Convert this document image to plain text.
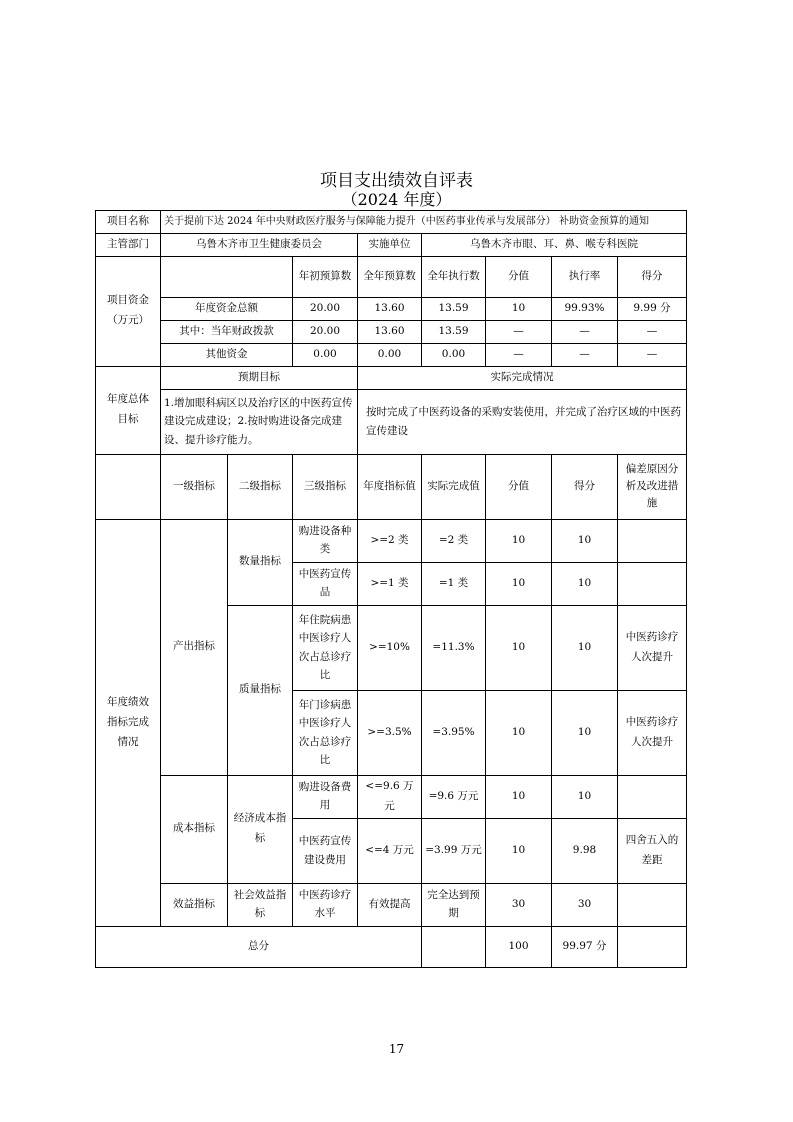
项目支出绩效自评表
（2024 年度）
项目名称	关于提前下达 2024 年中央财政医疗服务与保障能力提升（中医药事业传承与发展部分） 补助资金预算的通知							
主管部门	乌鲁木齐市卫生健康委员会			实施单位	乌鲁木齐市眼、耳、鼻、喉专科医院			
项目资金
（万元）			年初预算数	全年预算数	全年执行数	分值	执行率	得分
	年度资金总额		20.00	13.60	13.59	10	99.93%	9.99 分
	其中：当年财政拨款		20.00	13.60	13.59	—	—	—
	其他资金		0.00	0.00	0.00	—	—	—
年度总体
目标	预期目标			实际完成情况				
	1.增加眼科病区以及治疗区的中医药宣传建设完成建设；2.按时购进设备完成建设、提升诊疗能力。			按时完成了中医药设备的采购安装使用，并完成了治疗区域的中医药宣传建设				
	一级指标	二级指标	三级指标	年度指标值	实际完成值	分值	得分	偏差原因分析及改进措施
年度绩效
指标完成
情况	产出指标	数量指标	购进设备种类	>=2 类	=2 类	10	10	
			中医药宣传品	>=1 类	=1 类	10	10	
		质量指标	年住院病患中医诊疗人次占总诊疗比	>=10%	=11.3%	10	10	中医药诊疗人次提升
			年门诊病患中医诊疗人次占总诊疗比	>=3.5%	=3.95%	10	10	中医药诊疗人次提升
	成本指标	经济成本指标	购进设备费用	<=9.6 万元	=9.6 万元	10	10	
			中医药宣传建设费用	<=4 万元	=3.99 万元	10	9.98	四舍五入的差距
	效益指标	社会效益指标	中医药诊疗水平	有效提高	完全达到预期	30	30	
总分						100	99.97 分	
17
